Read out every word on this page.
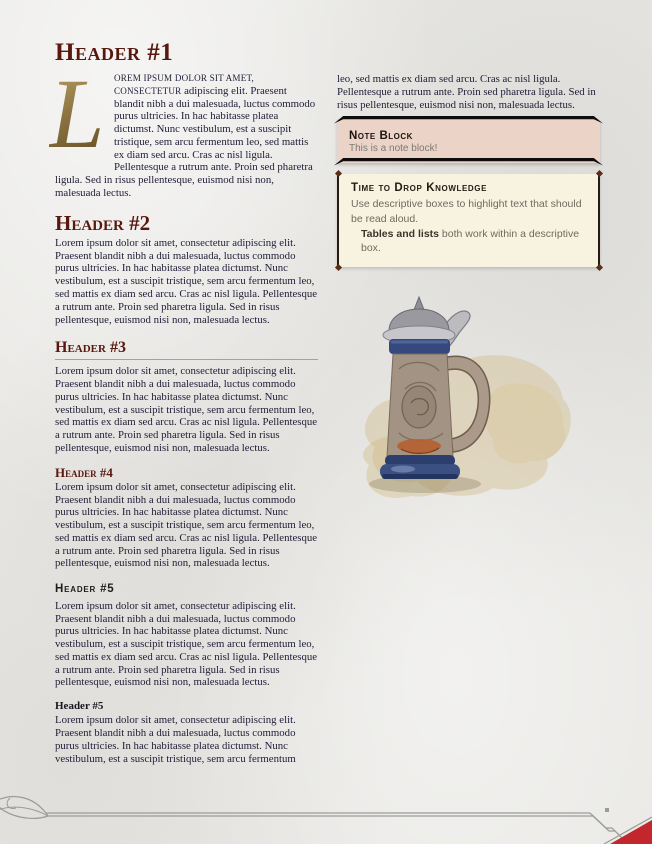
Header #1

L OREM IPSUM DOLOR SIT AMET, CONSECTETUR adipiscing elit. Praesent blandit nibh a dui malesuada, luctus commodo purus ultricies. In hac habitasse platea dictumst. Nunc vestibulum, est a suscipit tristique, sem arcu fermentum leo, sed mattis ex diam sed arcu. Cras ac nisl ligula. Pellentesque a rutrum ante. Proin sed pharetra ligula. Sed in risus pellentesque, euismod nisi non, malesuada lectus.

Header #2

Lorem ipsum dolor sit amet, consectetur adipiscing elit. Praesent blandit nibh a dui malesuada, luctus commodo purus ultricies. In hac habitasse platea dictumst. Nunc vestibulum, est a suscipit tristique, sem arcu fermentum leo, sed mattis ex diam sed arcu. Cras ac nisl ligula. Pellentesque a rutrum ante. Proin sed pharetra ligula. Sed in risus pellentesque, euismod nisi non, malesuada lectus.

Header #3

Lorem ipsum dolor sit amet, consectetur adipiscing elit. Praesent blandit nibh a dui malesuada, luctus commodo purus ultricies. In hac habitasse platea dictumst. Nunc vestibulum, est a suscipit tristique, sem arcu fermentum leo, sed mattis ex diam sed arcu. Cras ac nisl ligula. Pellentesque a rutrum ante. Proin sed pharetra ligula. Sed in risus pellentesque, euismod nisi non, malesuada lectus.

Header #4

Lorem ipsum dolor sit amet, consectetur adipiscing elit. Praesent blandit nibh a dui malesuada, luctus commodo purus ultricies. In hac habitasse platea dictumst. Nunc vestibulum, est a suscipit tristique, sem arcu fermentum leo, sed mattis ex diam sed arcu. Cras ac nisl ligula. Pellentesque a rutrum ante. Proin sed pharetra ligula. Sed in risus pellentesque, euismod nisi non, malesuada lectus.

Header #5

Lorem ipsum dolor sit amet, consectetur adipiscing elit. Praesent blandit nibh a dui malesuada, luctus commodo purus ultricies. In hac habitasse platea dictumst. Nunc vestibulum, est a suscipit tristique, sem arcu fermentum leo, sed mattis ex diam sed arcu. Cras ac nisl ligula. Pellentesque a rutrum ante. Proin sed pharetra ligula. Sed in risus pellentesque, euismod nisi non, malesuada lectus.

Header #5

Lorem ipsum dolor sit amet, consectetur adipiscing elit. Praesent blandit nibh a dui malesuada, luctus commodo purus ultricies. In hac habitasse platea dictumst. Nunc vestibulum, est a suscipit tristique, sem arcu fermentum

leo, sed mattis ex diam sed arcu. Cras ac nisl ligula. Pellentesque a rutrum ante. Proin sed pharetra ligula. Sed in risus pellentesque, euismod nisi non, malesuada lectus.

Note Block

This is a note block!

Time to Drop Knowledge

Use descriptive boxes to highlight text that should be read aloud.

Tables and lists both work within a descriptive box.
